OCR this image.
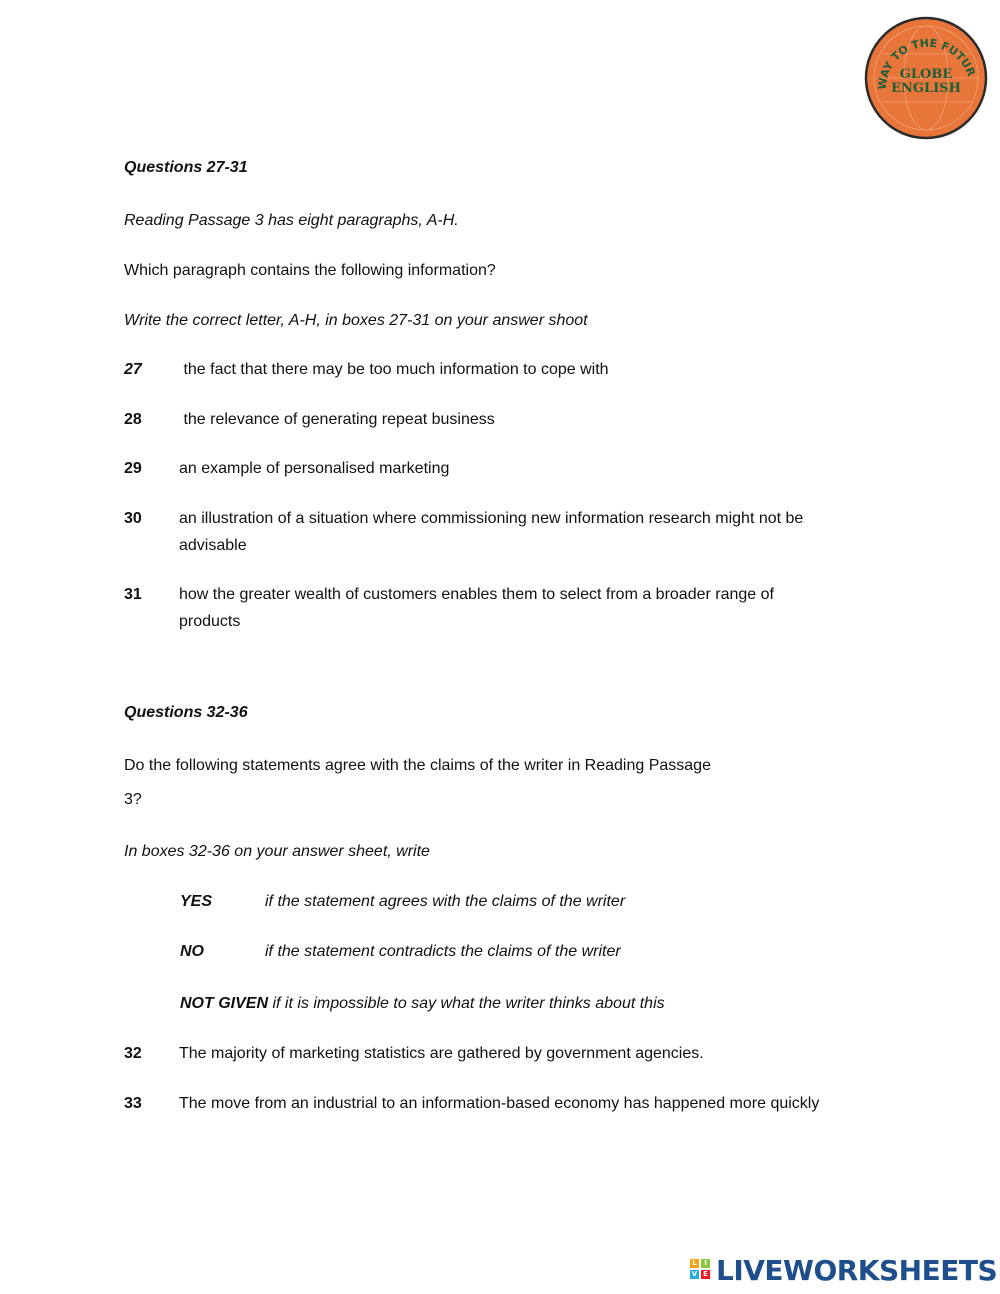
WAY TO THE FUTUR
GLOBE
ENGLISH
Questions 27-31
Reading Passage 3 has eight paragraphs, A-H.
Which paragraph contains the following information?
Write the correct letter, A-H, in boxes 27-31 on your answer shoot
27 the fact that there may be too much information to cope with
28 the relevance of generating repeat business
29 an example of personalised marketing
30 an illustration of a situation where commissioning new information research might not be
advisable
31 how the greater wealth of customers enables them to select from a broader range of
products
Questions 32-36
Do the following statements agree with the claims of the writer in Reading Passage
3?
In boxes 32-36 on your answer sheet, write
YES	if the statement agrees with the claims of the writer
NO	if the statement contradicts the claims of the writer
NOT GIVEN if it is impossible to say what the writer thinks about this
32 The majority of marketing statistics are gathered by government agencies.
33 The move from an industrial to an information-based economy has happened more quickly
L	I
V E LIVEWORKSHEETS
